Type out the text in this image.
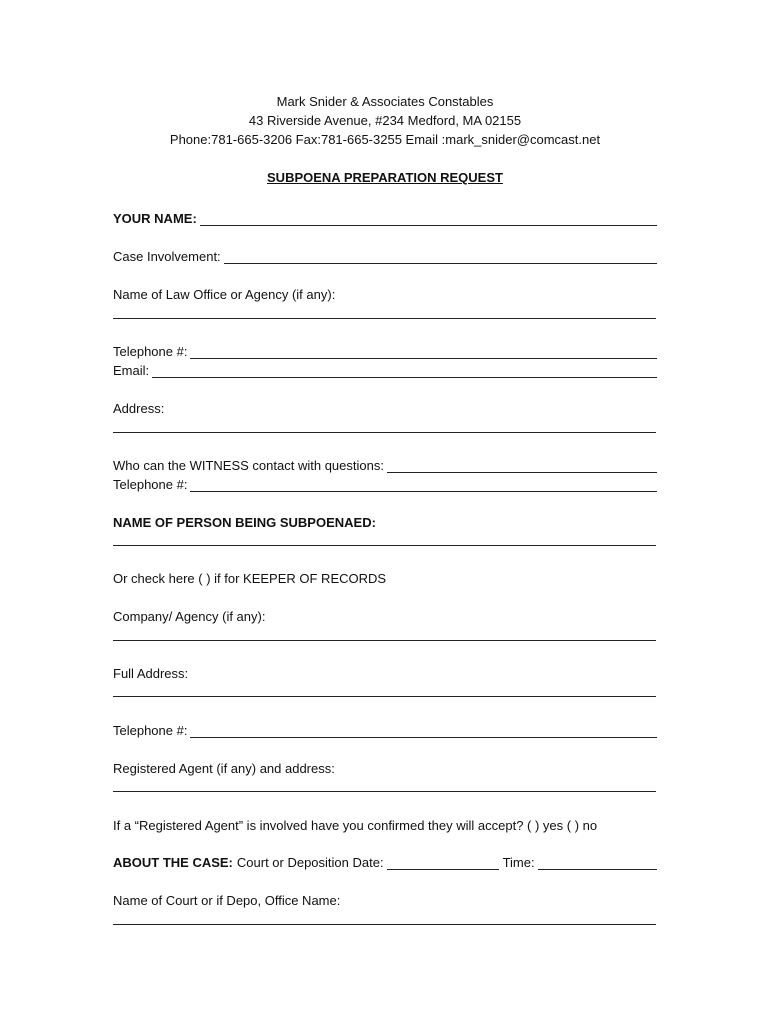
Mark Snider & Associates Constables
43 Riverside Avenue, #234 Medford, MA 02155
Phone:781-665-3206 Fax:781-665-3255 Email :mark_snider@comcast.net
SUBPOENA PREPARATION REQUEST
YOUR NAME:
Case Involvement:
Name of Law Office or Agency (if any):
Telephone #:
Email:
Address:
Who can the WITNESS contact with questions:
Telephone #:
NAME OF PERSON BEING SUBPOENAED:
Or check here ( ) if for KEEPER OF RECORDS
Company/ Agency (if any):
Full Address:
Telephone #:
Registered Agent (if any) and address:
If a “Registered Agent” is involved have you confirmed they will accept? ( ) yes ( ) no
ABOUT THE CASE: Court or Deposition Date:	Time:
Name of Court or if Depo, Office Name:
